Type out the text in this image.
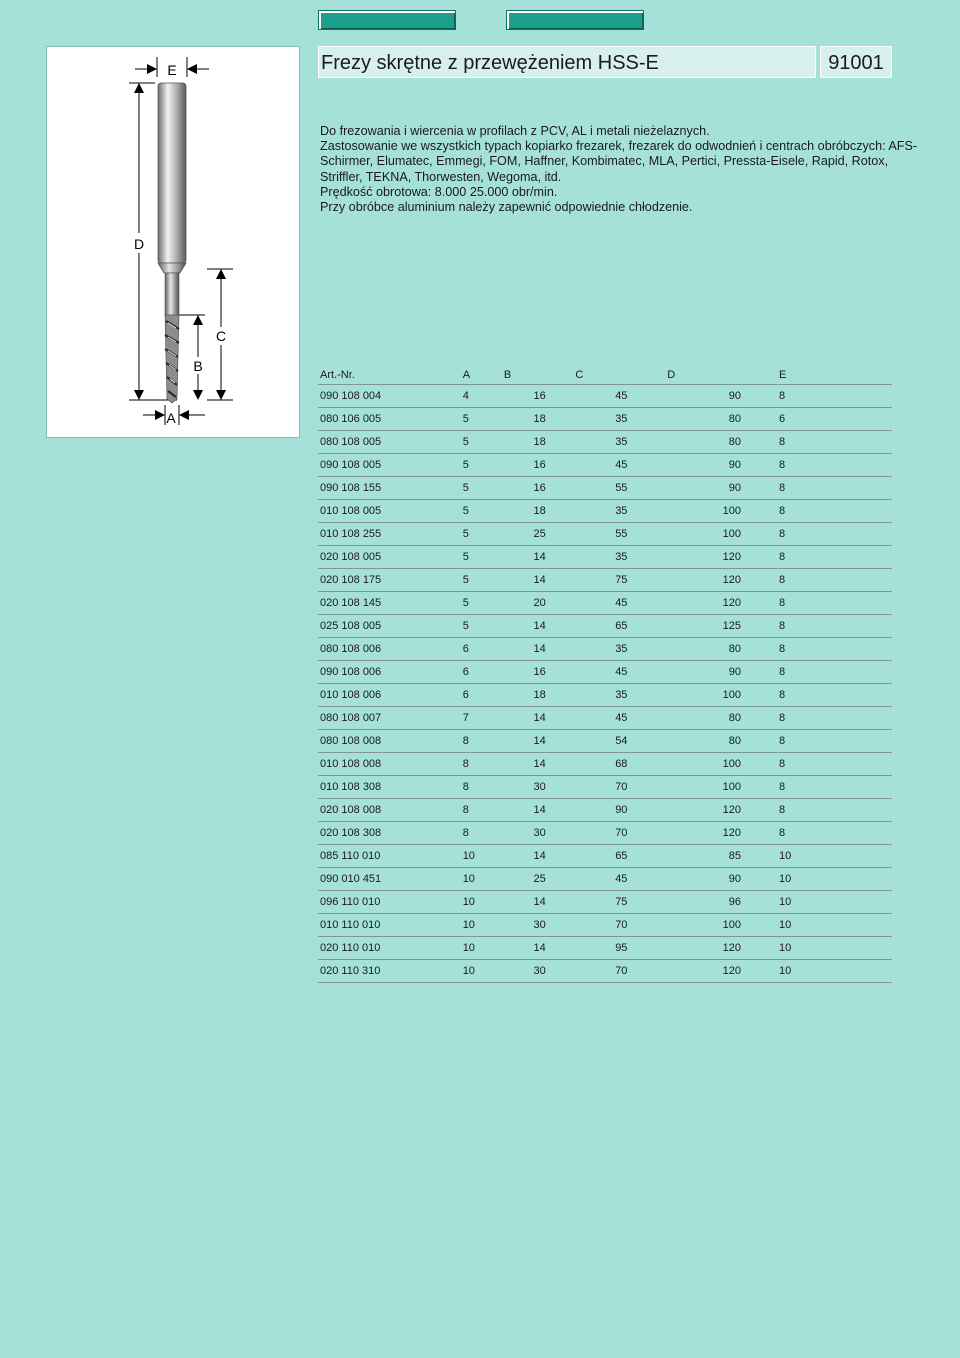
E
D
C
B
A
Frezy skrętne z przewężeniem HSS-E	91001
Do frezowania i wiercenia w profilach z PCV, AL i metali nieżelaznych.
Zastosowanie we wszystkich typach kopiarko frezarek, frezarek do odwodnień i centrach obróbczych: AFS-
Schirmer, Elumatec, Emmegi, FOM, Haffner, Kombimatec, MLA, Pertici, Pressta-Eisele, Rapid, Rotox,
Striffler, TEKNA, Thorwesten, Wegoma, itd.
Prędkość obrotowa: 8.000 25.000 obr/min.
Przy obróbce aluminium należy zapewnić odpowiednie chłodzenie.
Art.-Nr.	A	B	C	D	E
090 108 004	4	16	45	90	8
080 106 005	5	18	35	80	6
080 108 005	5	18	35	80	8
090 108 005	5	16	45	90	8
090 108 155	5	16	55	90	8
010 108 005	5	18	35	100	8
010 108 255	5	25	55	100	8
020 108 005	5	14	35	120	8
020 108 175	5	14	75	120	8
020 108 145	5	20	45	120	8
025 108 005	5	14	65	125	8
080 108 006	6	14	35	80	8
090 108 006	6	16	45	90	8
010 108 006	6	18	35	100	8
080 108 007	7	14	45	80	8
080 108 008	8	14	54	80	8
010 108 008	8	14	68	100	8
010 108 308	8	30	70	100	8
020 108 008	8	14	90	120	8
020 108 308	8	30	70	120	8
085 110 010	10	14	65	85	10
090 010 451	10	25	45	90	10
096 110 010	10	14	75	96	10
010 110 010	10	30	70	100	10
020 110 010	10	14	95	120	10
020 110 310	10	30	70	120	10
